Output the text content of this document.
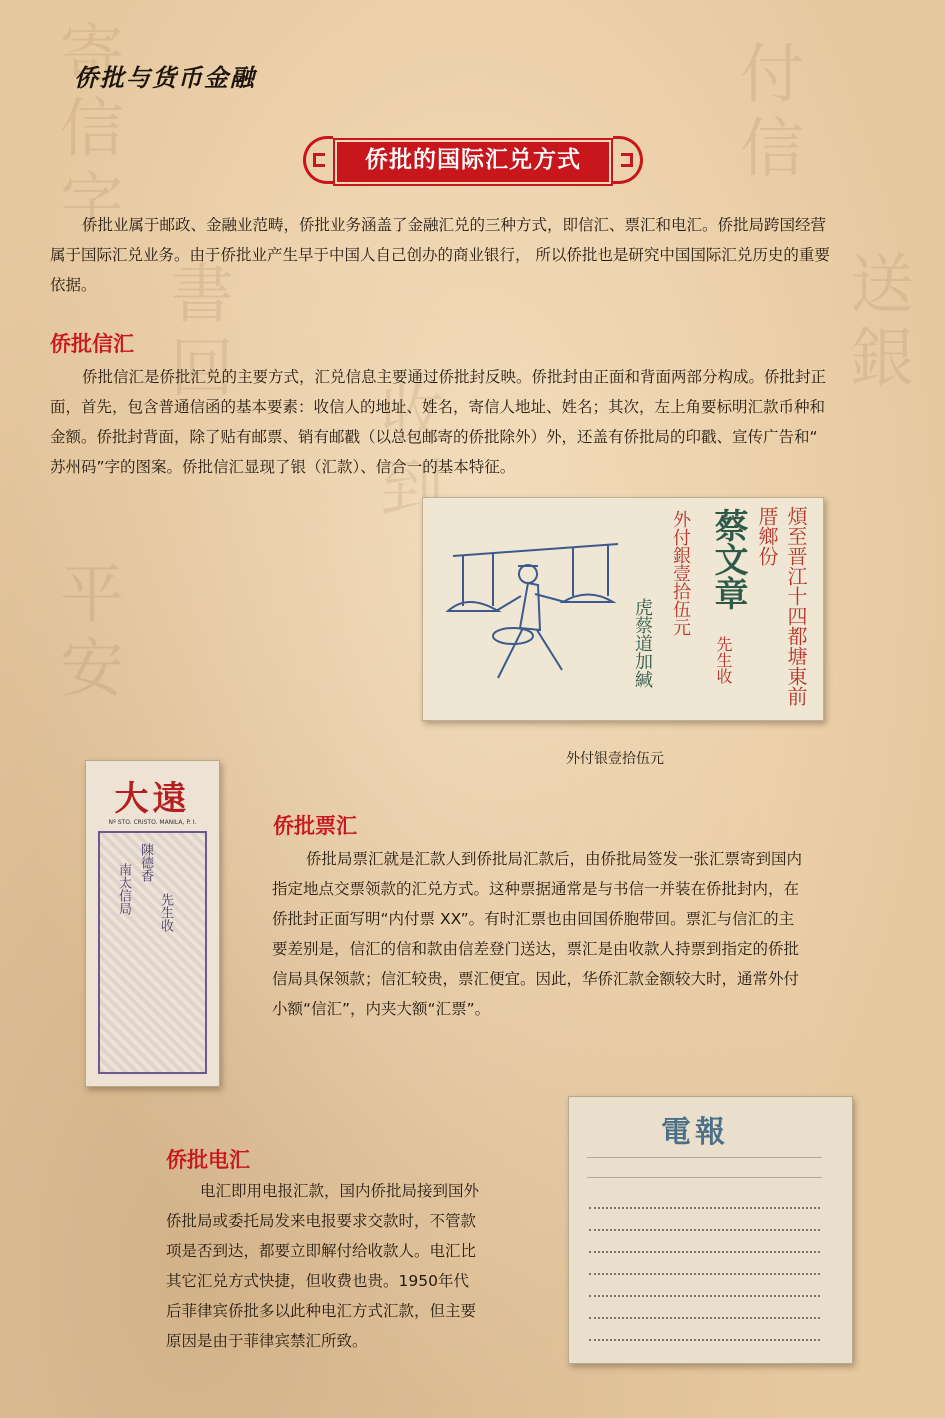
寄信字
書回
付信
送銀
平安
收到
侨批与货币金融
侨批的国际汇兑方式
侨批业属于邮政、金融业范畴，侨批业务涵盖了金融汇兑的三种方式，即信汇、票汇和电汇。侨批局跨国经营
属于国际汇兑业务。由于侨批业产生早于中国人自己创办的商业银行， 所以侨批也是研究中国国际汇兑历史的重要
依据。
侨批信汇
侨批信汇是侨批汇兑的主要方式，汇兑信息主要通过侨批封反映。侨批封由正面和背面两部分构成。侨批封正
面，首先，包含普通信函的基本要素：收信人的地址、姓名，寄信人地址、姓名；其次，左上角要标明汇款币种和
金额。侨批封背面，除了贴有邮票、销有邮戳（以总包邮寄的侨批除外）外，还盖有侨批局的印戳、宣传广告和“
苏州码”字的图案。侨批信汇显现了银（汇款）、信合一的基本特征。
煩至晋江十四都塘東前厝鄉份
蔡文章
先生收
外付銀壹拾伍元
虎蔡道加緘
外付银壹拾伍元
大遠
Nº STO. CRISTO. MANILA, P. I.
陳德香
南太信局 先生收
侨批票汇
侨批局票汇就是汇款人到侨批局汇款后，由侨批局签发一张汇票寄到国内
指定地点交票领款的汇兑方式。这种票据通常是与书信一并装在侨批封内，在
侨批封正面写明“内付票 XX”。有时汇票也由回国侨胞带回。票汇与信汇的主
要差别是，信汇的信和款由信差登门送达，票汇是由收款人持票到指定的侨批
信局具保领款；信汇较贵，票汇便宜。因此，华侨汇款金额较大时，通常外付
小额“信汇”，内夹大额“汇票”。
侨批电汇
电汇即用电报汇款，国内侨批局接到国外
侨批局或委托局发来电报要求交款时，不管款
项是否到达，都要立即解付给收款人。电汇比
其它汇兑方式快捷，但收费也贵。1950年代
后菲律宾侨批多以此种电汇方式汇款，但主要
原因是由于菲律宾禁汇所致。
電報
